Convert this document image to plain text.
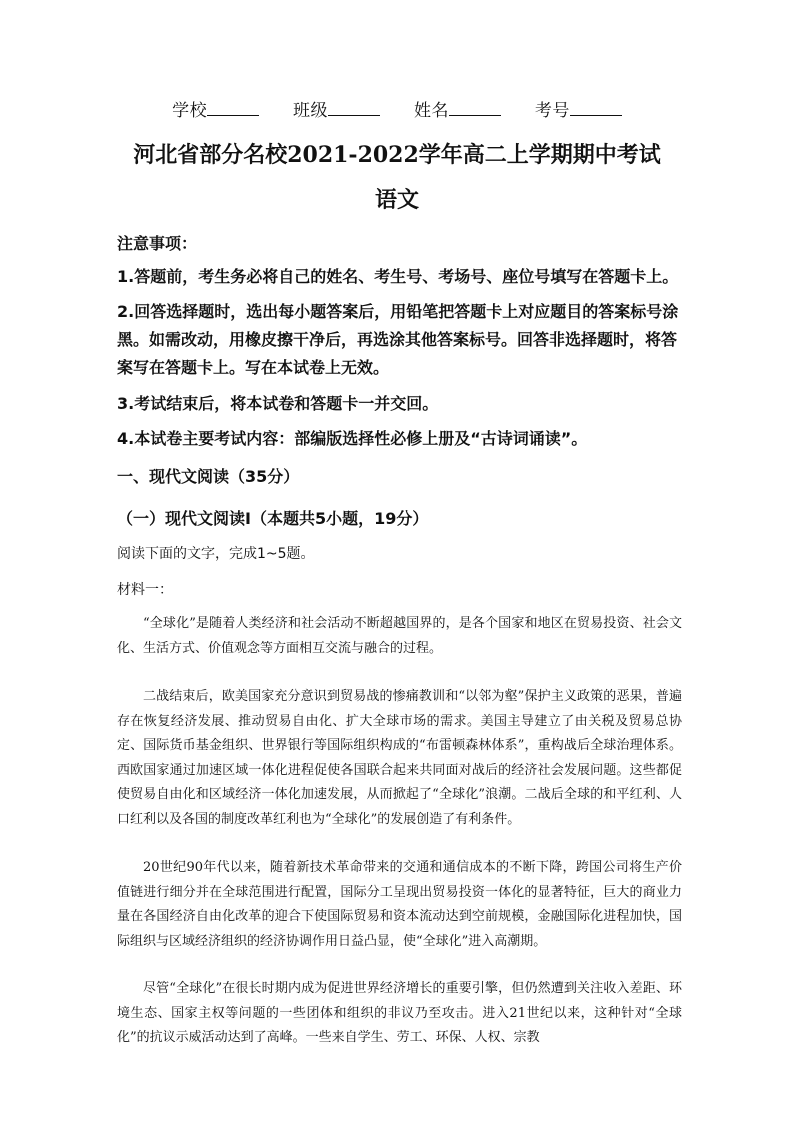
学校	班级	姓名	考号
河北省部分名校2021-2022学年高二上学期期中考试
语文
注意事项：
1.答题前，考生务必将自己的姓名、考生号、考场号、座位号填写在答题卡上。
2.回答选择题时，选出每小题答案后，用铅笔把答题卡上对应题目的答案标号涂黑。如需改动，用橡皮擦干净后，再选涂其他答案标号。回答非选择题时，将答案写在答题卡上。写在本试卷上无效。
3.考试结束后，将本试卷和答题卡一并交回。
4.本试卷主要考试内容：部编版选择性必修上册及“古诗词诵读”。
一、现代文阅读（35分）
（一）现代文阅读Ⅰ（本题共5小题，19分）
阅读下面的文字，完成1~5题。
材料一：
“全球化”是随着人类经济和社会活动不断超越国界的，是各个国家和地区在贸易投资、社会文化、生活方式、价值观念等方面相互交流与融合的过程。
二战结束后，欧美国家充分意识到贸易战的惨痛教训和“以邻为壑”保护主义政策的恶果，普遍存在恢复经济发展、推动贸易自由化、扩大全球市场的需求。美国主导建立了由关税及贸易总协定、国际货币基金组织、世界银行等国际组织构成的“布雷顿森林体系”，重构战后全球治理体系。西欧国家通过加速区域一体化进程促使各国联合起来共同面对战后的经济社会发展问题。这些都促使贸易自由化和区域经济一体化加速发展，从而掀起了“全球化”浪潮。二战后全球的和平红利、人口红利以及各国的制度改革红利也为“全球化”的发展创造了有利条件。
20世纪90年代以来，随着新技术革命带来的交通和通信成本的不断下降，跨国公司将生产价值链进行细分并在全球范围进行配置，国际分工呈现出贸易投资一体化的显著特征，巨大的商业力量在各国经济自由化改革的迎合下使国际贸易和资本流动达到空前规模，金融国际化进程加快，国际组织与区域经济组织的经济协调作用日益凸显，使“全球化”进入高潮期。
尽管“全球化”在很长时期内成为促进世界经济增长的重要引擎，但仍然遭到关注收入差距、环境生态、国家主权等问题的一些团体和组织的非议乃至攻击。进入21世纪以来，这种针对“全球化”的抗议示威活动达到了高峰。一些来自学生、劳工、环保、人权、宗教
